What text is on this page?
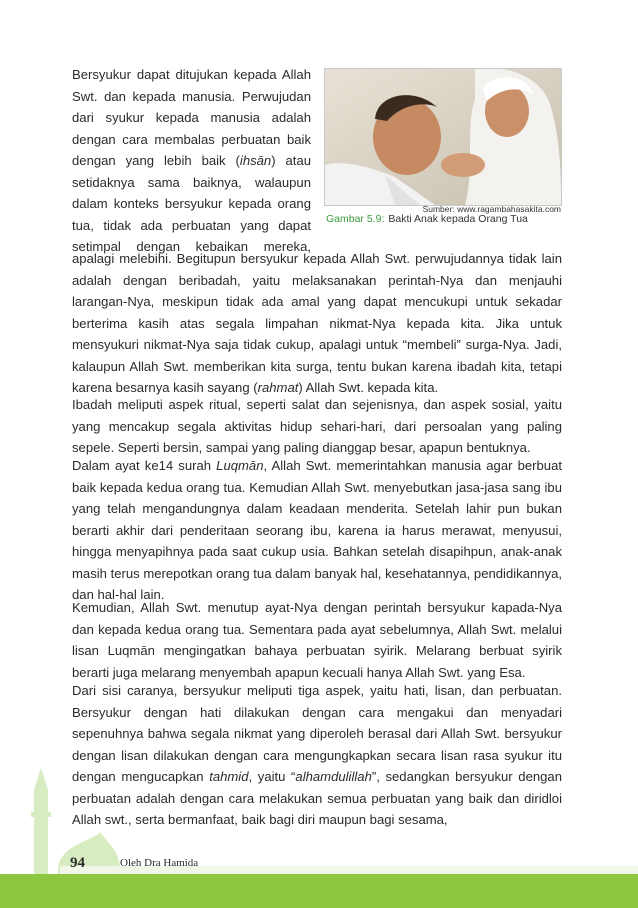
Bersyukur dapat ditujukan kepada Allah
Swt. dan kepada manusia. Perwujudan
dari syukur kepada manusia adalah
dengan cara membalas perbuatan baik
dengan yang lebih baik (ihsān) atau
setidaknya sama baiknya, walaupun
dalam konteks bersyukur kepada orang
tua, tidak ada perbuatan yang dapat
setimpal dengan kebaikan mereka,

Sumber: www.ragambahasakita.com
Gambar 5.9: Bakti Anak kepada Orang Tua

apalagi melebihi. Begitupun bersyukur kepada Allah Swt. perwujudannya tidak lain adalah dengan beribadah, yaitu melaksanakan perintah-Nya dan menjauhi larangan-Nya, meskipun tidak ada amal yang dapat mencukupi untuk sekadar berterima kasih atas segala limpahan nikmat-Nya kepada kita. Jika untuk mensyukuri nikmat-Nya saja tidak cukup, apalagi untuk “membeli” surga-Nya. Jadi, kalaupun Allah Swt. memberikan kita surga, tentu bukan karena ibadah kita, tetapi karena besarnya kasih sayang (rahmat) Allah Swt. kepada kita.

Ibadah meliputi aspek ritual, seperti salat dan sejenisnya, dan aspek sosial, yaitu yang mencakup segala aktivitas hidup sehari-hari, dari persoalan yang paling sepele. Seperti bersin, sampai yang paling dianggap besar, apapun bentuknya.

Dalam ayat ke14 surah Luqmān, Allah Swt. memerintahkan manusia agar berbuat baik kepada kedua orang tua. Kemudian Allah Swt. menyebutkan jasa-jasa sang ibu yang telah mengandungnya dalam keadaan menderita. Setelah lahir pun bukan berarti akhir dari penderitaan seorang ibu, karena ia harus merawat, menyusui, hingga menyapihnya pada saat cukup usia. Bahkan setelah disapihpun, anak-anak masih terus merepotkan orang tua dalam banyak hal, kesehatannya, pendidikannya, dan hal-hal lain.

Kemudian, Allah Swt. menutup ayat-Nya dengan perintah bersyukur kapada-Nya dan kepada kedua orang tua. Sementara pada ayat sebelumnya, Allah Swt. melalui lisan Luqmān mengingatkan bahaya perbuatan syirik. Melarang berbuat syirik berarti juga melarang menyembah apapun kecuali hanya Allah Swt. yang Esa.

Dari sisi caranya, bersyukur meliputi tiga aspek, yaitu hati, lisan, dan perbuatan. Bersyukur dengan hati dilakukan dengan cara mengakui dan menyadari sepenuhnya bahwa segala nikmat yang diperoleh berasal dari Allah Swt. bersyukur dengan lisan dilakukan dengan cara mengungkapkan secara lisan rasa syukur itu dengan mengucapkan tahmid, yaitu “alhamdulillah”, sedangkan bersyukur dengan perbuatan adalah dengan cara melakukan semua perbuatan yang baik dan diridloi Allah swt., serta bermanfaat, baik bagi diri maupun bagi sesama,

94	Oleh Dra Hamida
